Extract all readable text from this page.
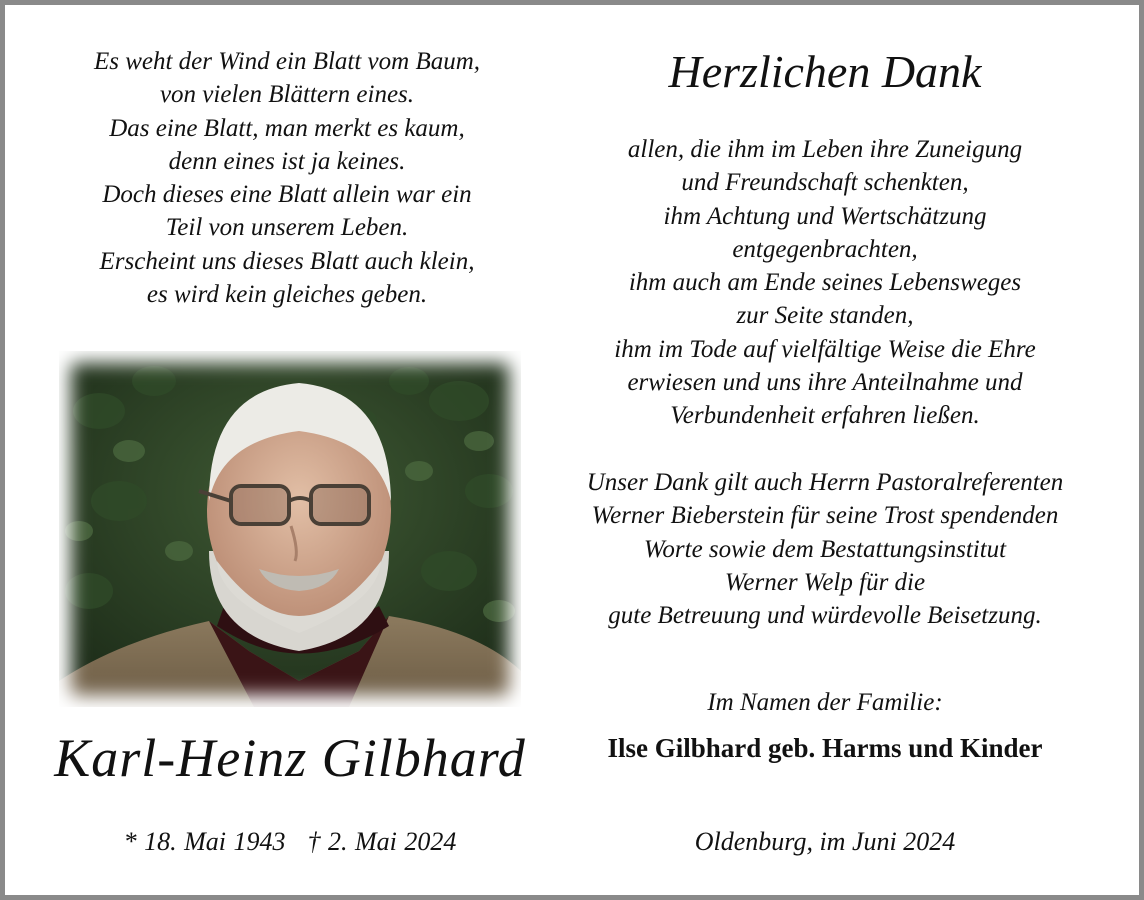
Es weht der Wind ein Blatt vom Baum,
von vielen Blättern eines.
Das eine Blatt, man merkt es kaum,
denn eines ist ja keines.
Doch dieses eine Blatt allein war ein
Teil von unserem Leben.
Erscheint uns dieses Blatt auch klein,
es wird kein gleiches geben.
Karl-Heinz Gilbhard
* 18. Mai 1943 † 2. Mai 2024
Herzlichen Dank
allen, die ihm im Leben ihre Zuneigung
und Freundschaft schenkten,
ihm Achtung und Wertschätzung
entgegenbrachten,
ihm auch am Ende seines Lebensweges
zur Seite standen,
ihm im Tode auf vielfältige Weise die Ehre
erwiesen und uns ihre Anteilnahme und
Verbundenheit erfahren ließen.
Unser Dank gilt auch Herrn Pastoralreferenten
Werner Bieberstein für seine Trost spendenden
Worte sowie dem Bestattungsinstitut
Werner Welp für die
gute Betreuung und würdevolle Beisetzung.
Im Namen der Familie:
Ilse Gilbhard geb. Harms und Kinder
Oldenburg, im Juni 2024
